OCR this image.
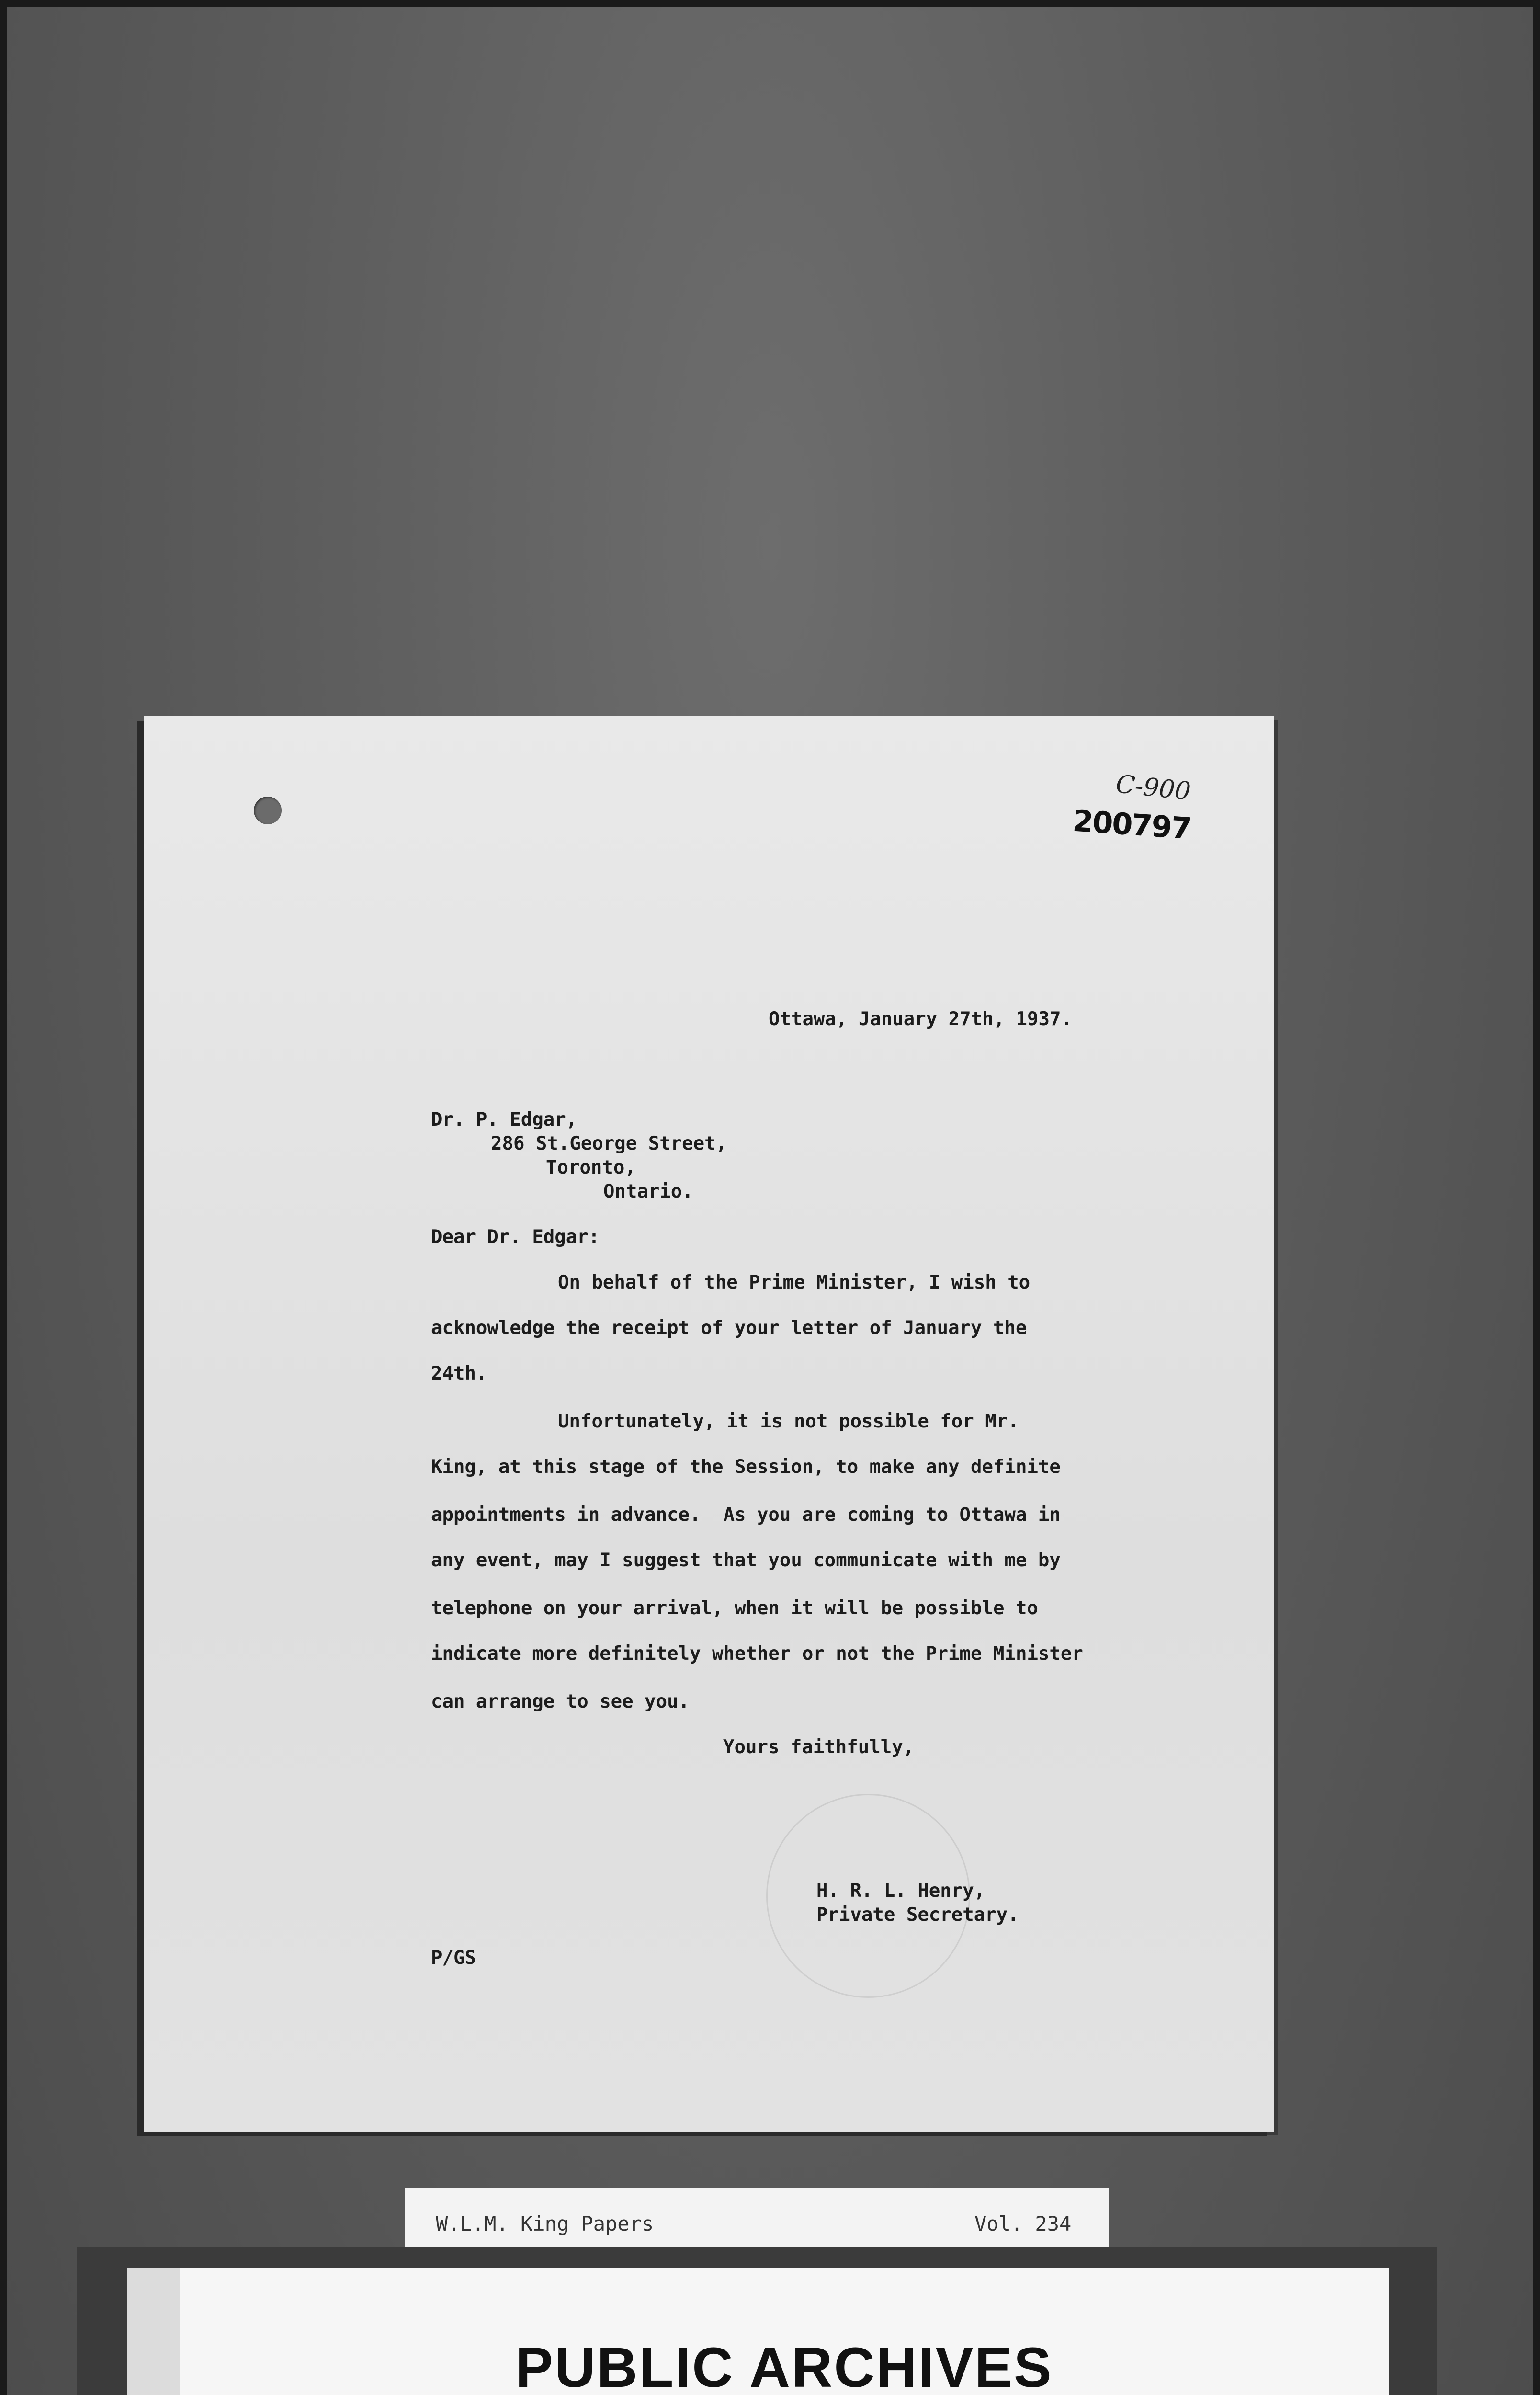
C-900
200797
Ottawa, January 27th, 1937.
Dr. P. Edgar,
286 St.George Street,
Toronto,
Ontario.
Dear Dr. Edgar:
On behalf of the Prime Minister, I wish to
acknowledge the receipt of your letter of January the
24th.
Unfortunately, it is not possible for Mr.
King, at this stage of the Session, to make any definite
appointments in advance.  As you are coming to Ottawa in
any event, may I suggest that you communicate with me by
telephone on your arrival, when it will be possible to
indicate more definitely whether or not the Prime Minister
can arrange to see you.
Yours faithfully,
H. R. L. Henry,
Private Secretary.
P/GS
W.L.M. King Papers	Vol. 234
PUBLIC ARCHIVES
